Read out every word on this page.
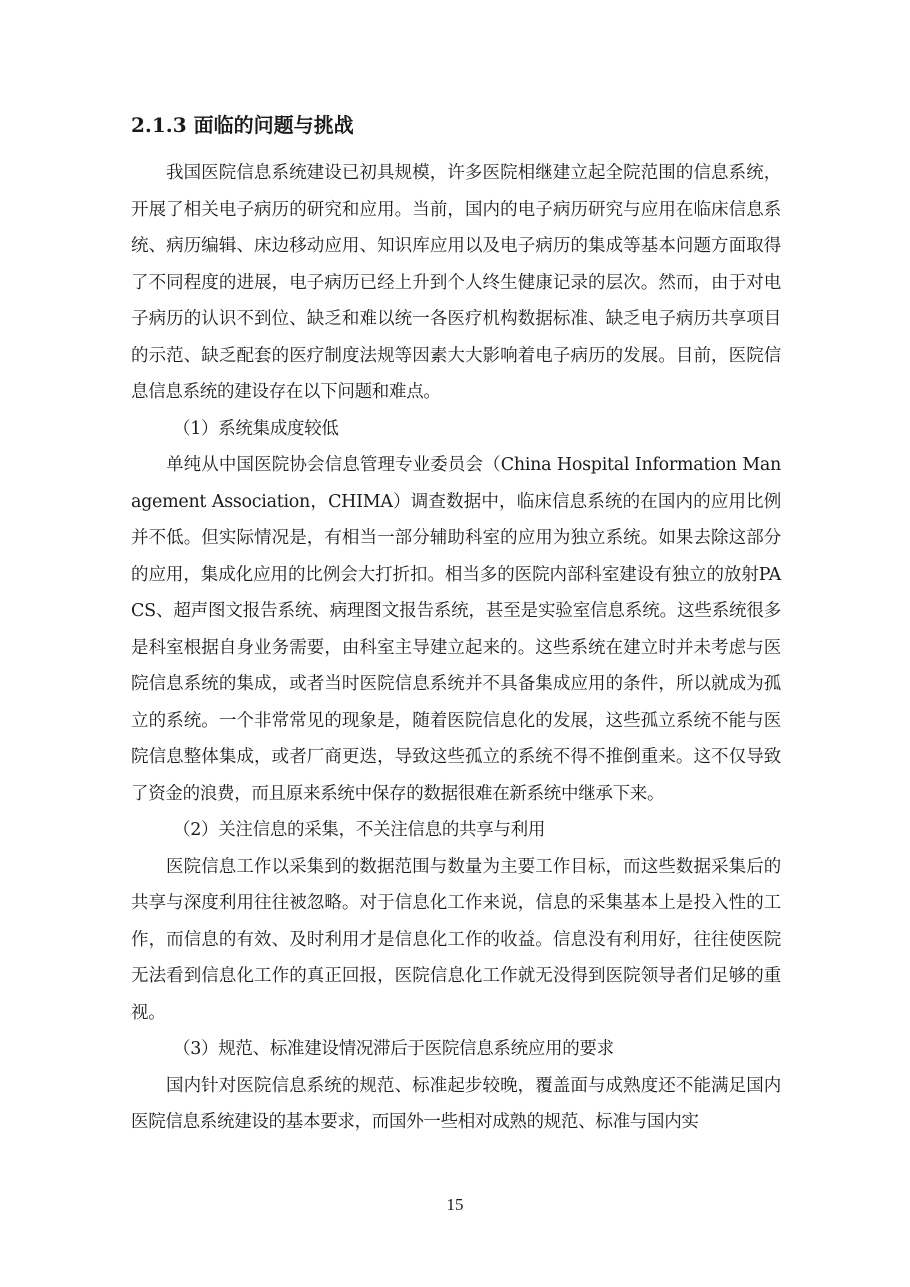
2.1.3 面临的问题与挑战

我国医院信息系统建设已初具规模，许多医院相继建立起全院范围的信息系统，开展了相关电子病历的研究和应用。当前，国内的电子病历研究与应用在临床信息系统、病历编辑、床边移动应用、知识库应用以及电子病历的集成等基本问题方面取得了不同程度的进展，电子病历已经上升到个人终生健康记录的层次。然而，由于对电子病历的认识不到位、缺乏和难以统一各医疗机构数据标准、缺乏电子病历共享项目的示范、缺乏配套的医疗制度法规等因素大大影响着电子病历的发展。目前，医院信息信息系统的建设存在以下问题和难点。

（1）系统集成度较低

单纯从中国医院协会信息管理专业委员会（China Hospital Information Management Association，CHIMA）调查数据中，临床信息系统的在国内的应用比例并不低。但实际情况是，有相当一部分辅助科室的应用为独立系统。如果去除这部分的应用，集成化应用的比例会大打折扣。相当多的医院内部科室建设有独立的放射PACS、超声图文报告系统、病理图文报告系统，甚至是实验室信息系统。这些系统很多是科室根据自身业务需要，由科室主导建立起来的。这些系统在建立时并未考虑与医院信息系统的集成，或者当时医院信息系统并不具备集成应用的条件，所以就成为孤立的系统。一个非常常见的现象是，随着医院信息化的发展，这些孤立系统不能与医院信息整体集成，或者厂商更迭，导致这些孤立的系统不得不推倒重来。这不仅导致了资金的浪费，而且原来系统中保存的数据很难在新系统中继承下来。

（2）关注信息的采集，不关注信息的共享与利用

医院信息工作以采集到的数据范围与数量为主要工作目标，而这些数据采集后的共享与深度利用往往被忽略。对于信息化工作来说，信息的采集基本上是投入性的工作，而信息的有效、及时利用才是信息化工作的收益。信息没有利用好，往往使医院无法看到信息化工作的真正回报，医院信息化工作就无没得到医院领导者们足够的重视。

（3）规范、标准建设情况滞后于医院信息系统应用的要求

国内针对医院信息系统的规范、标准起步较晚，覆盖面与成熟度还不能满足国内医院信息系统建设的基本要求，而国外一些相对成熟的规范、标准与国内实

15
